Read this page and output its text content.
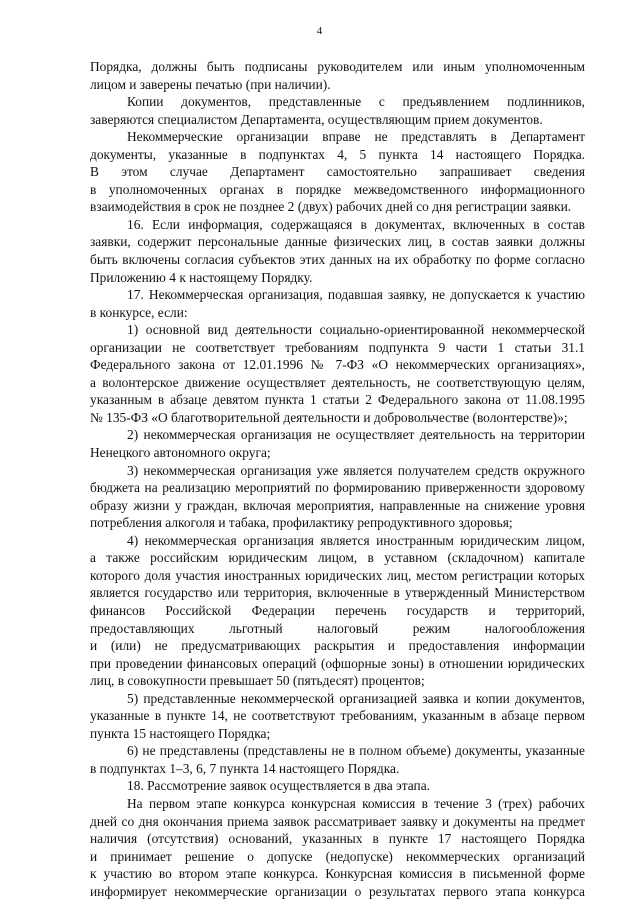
4
Порядка, должны быть подписаны руководителем или иным уполномоченным
лицом и заверены печатью (при наличии).
Копии документов, представленные с предъявлением подлинников,
заверяются специалистом Департамента, осуществляющим прием документов.
Некоммерческие организации вправе не представлять в Департамент
документы, указанные в подпунктах 4, 5 пункта 14 настоящего Порядка.
В этом случае Департамент самостоятельно запрашивает сведения
в уполномоченных органах в порядке межведомственного информационного
взаимодействия в срок не позднее 2 (двух) рабочих дней со дня регистрации заявки.
16. Если информация, содержащаяся в документах, включенных в состав
заявки, содержит персональные данные физических лиц, в состав заявки должны
быть включены согласия субъектов этих данных на их обработку по форме согласно
Приложению 4 к настоящему Порядку.
17. Некоммерческая организация, подавшая заявку, не допускается к участию
в конкурсе, если:
1) основной вид деятельности социально-ориентированной некоммерческой
организации не соответствует требованиям подпункта 9 части 1 статьи 31.1
Федерального закона от 12.01.1996 № 7-ФЗ «О некоммерческих организациях»,
а волонтерское движение осуществляет деятельность, не соответствующую целям,
указанным в абзаце девятом пункта 1 статьи 2 Федерального закона от 11.08.1995
№ 135-ФЗ «О благотворительной деятельности и добровольчестве (волонтерстве)»;
2) некоммерческая организация не осуществляет деятельность на территории
Ненецкого автономного округа;
3) некоммерческая организация уже является получателем средств окружного
бюджета на реализацию мероприятий по формированию приверженности здоровому
образу жизни у граждан, включая мероприятия, направленные на снижение уровня
потребления алкоголя и табака, профилактику репродуктивного здоровья;
4) некоммерческая организация является иностранным юридическим лицом,
а также российским юридическим лицом, в уставном (складочном) капитале
которого доля участия иностранных юридических лиц, местом регистрации которых
является государство или территория, включенные в утвержденный Министерством
финансов Российской Федерации перечень государств и территорий,
предоставляющих льготный налоговый режим налогообложения
и (или) не предусматривающих раскрытия и предоставления информации
при проведении финансовых операций (офшорные зоны) в отношении юридических
лиц, в совокупности превышает 50 (пятьдесят) процентов;
5) представленные некоммерческой организацией заявка и копии документов,
указанные в пункте 14, не соответствуют требованиям, указанным в абзаце первом
пункта 15 настоящего Порядка;
6) не представлены (представлены не в полном объеме) документы, указанные
в подпунктах 1–3, 6, 7 пункта 14 настоящего Порядка.
18. Рассмотрение заявок осуществляется в два этапа.
На первом этапе конкурса конкурсная комиссия в течение 3 (трех) рабочих
дней со дня окончания приема заявок рассматривает заявку и документы на предмет
наличия (отсутствия) оснований, указанных в пункте 17 настоящего Порядка
и принимает решение о допуске (недопуске) некоммерческих организаций
к участию во втором этапе конкурса. Конкурсная комиссия в письменной форме
информирует некоммерческие организации о результатах первого этапа конкурса
